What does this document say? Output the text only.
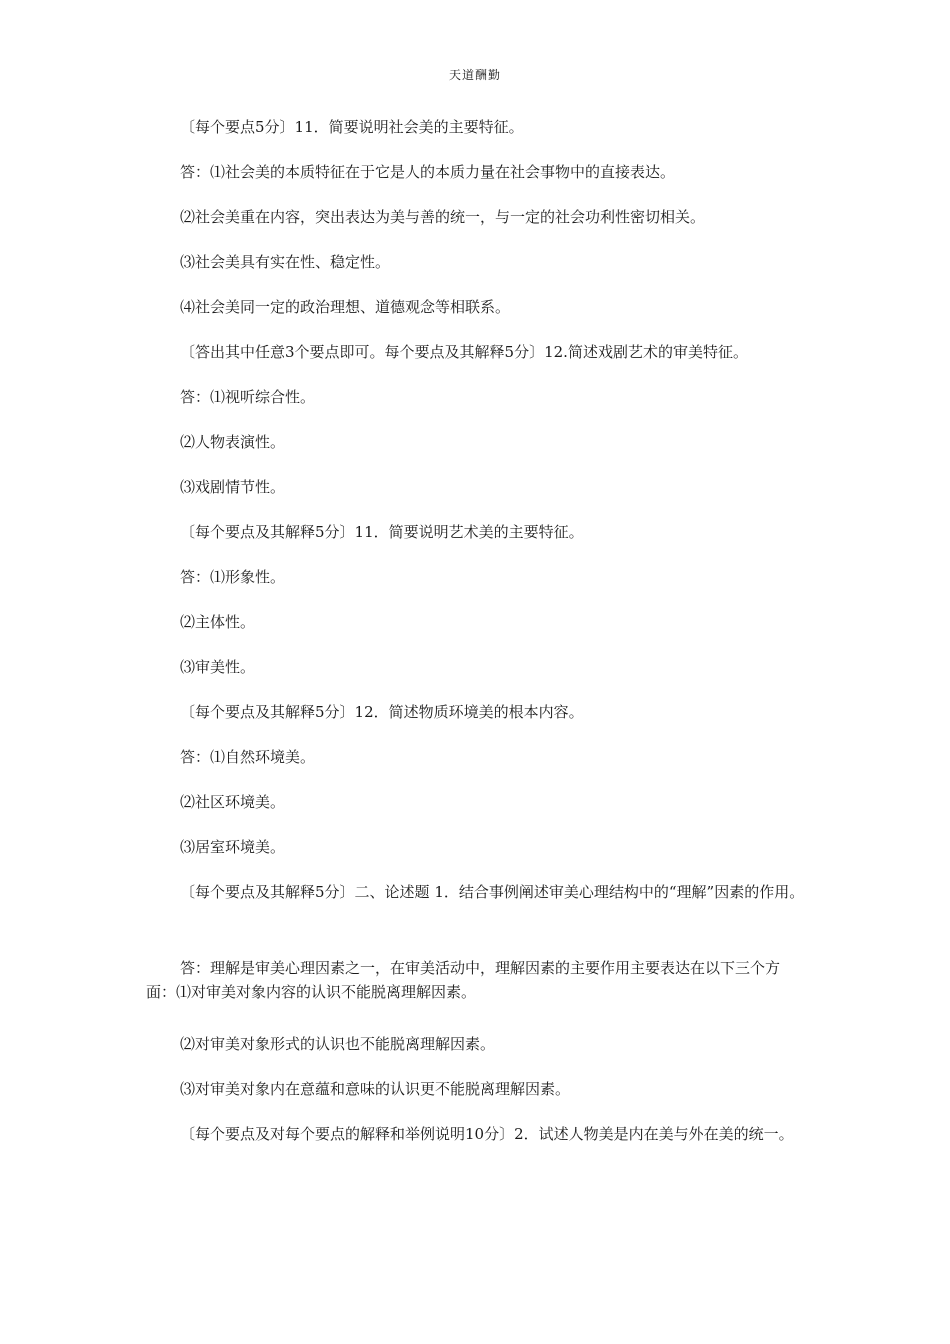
天道酬勤

〔每个要点5分〕11．简要说明社会美的主要特征。

答：⑴社会美的本质特征在于它是人的本质力量在社会事物中的直接表达。

⑵社会美重在内容，突出表达为美与善的统一，与一定的社会功利性密切相关。

⑶社会美具有实在性、稳定性。

⑷社会美同一定的政治理想、道德观念等相联系。

〔答出其中任意3个要点即可。每个要点及其解释5分〕12.简述戏剧艺术的审美特征。

答：⑴视听综合性。

⑵人物表演性。

⑶戏剧情节性。

〔每个要点及其解释5分〕11．简要说明艺术美的主要特征。

答：⑴形象性。

⑵主体性。

⑶审美性。

〔每个要点及其解释5分〕12．简述物质环境美的根本内容。

答：⑴自然环境美。

⑵社区环境美。

⑶居室环境美。

〔每个要点及其解释5分〕二、论述题 1．结合事例阐述审美心理结构中的“理解”因素的作用。

答：理解是审美心理因素之一，在审美活动中，理解因素的主要作用主要表达在以下三个方面：⑴对审美对象内容的认识不能脱离理解因素。

⑵对审美对象形式的认识也不能脱离理解因素。

⑶对审美对象内在意蕴和意味的认识更不能脱离理解因素。

〔每个要点及对每个要点的解释和举例说明10分〕2．试述人物美是内在美与外在美的统一。
